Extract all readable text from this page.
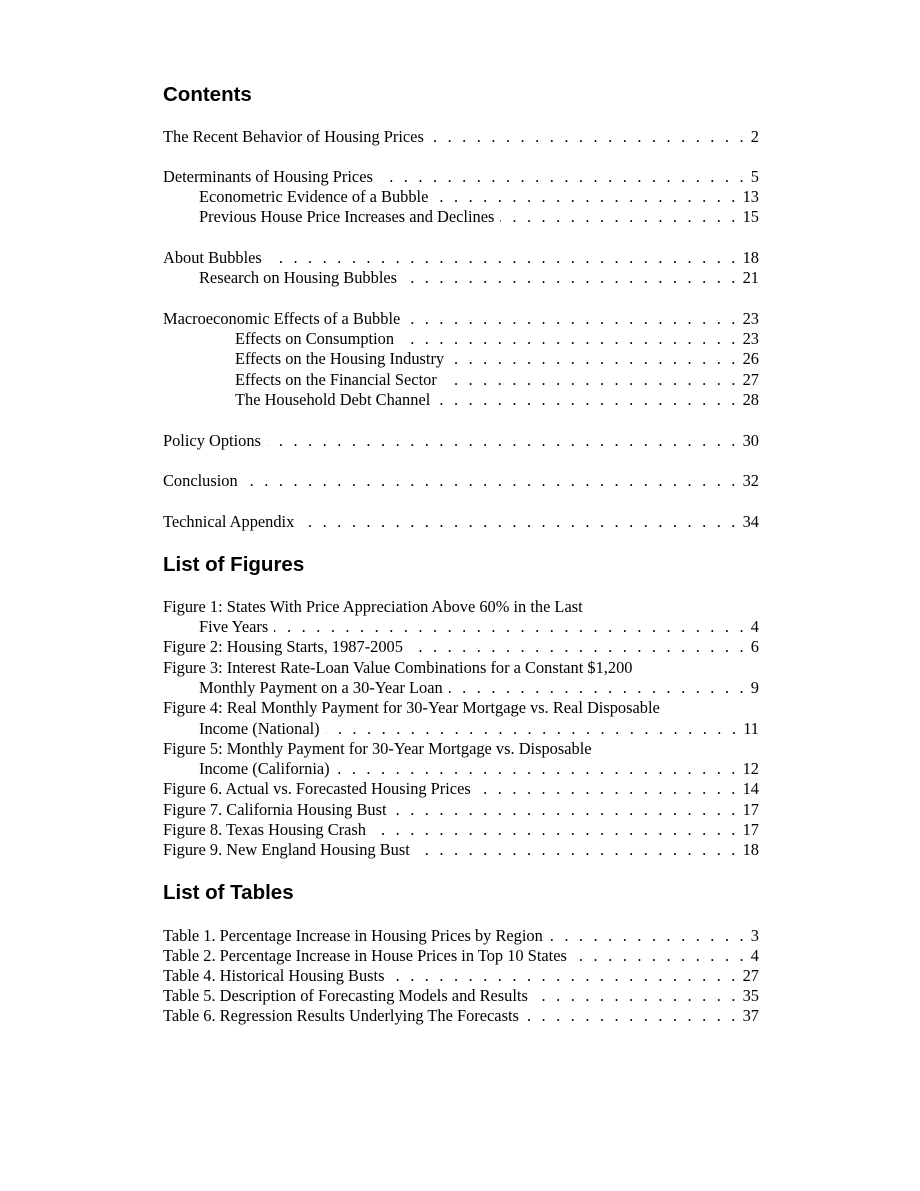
Contents
The Recent Behavior of Housing Prices . . .	2
Determinants of Housing Prices . . .	5
Econometric Evidence of a Bubble . . .	13
Previous House Price Increases and Declines . . .	15
About Bubbles . . .	18
Research on Housing Bubbles . . .	21
Macroeconomic Effects of a Bubble . . .	23
Effects on Consumption . . .	23
Effects on the Housing Industry . . .	26
Effects on the Financial Sector . . .	27
The Household Debt Channel . . .	28
Policy Options . . .	30
Conclusion . . .	32
Technical Appendix . . .	34
List of Figures
Figure 1: States With Price Appreciation Above 60% in the Last
Five Years . . .	4
Figure 2: Housing Starts, 1987-2005 . . .	6
Figure 3: Interest Rate-Loan Value Combinations for a Constant $1,200
Monthly Payment on a 30-Year Loan . . .	9
Figure 4: Real Monthly Payment for 30-Year Mortgage vs. Real Disposable
Income (National) . . .	11
Figure 5: Monthly Payment for 30-Year Mortgage vs. Disposable
Income (California) . . .	12
Figure 6. Actual vs. Forecasted Housing Prices . . .	14
Figure 7. California Housing Bust . . .	17
Figure 8. Texas Housing Crash . . .	17
Figure 9. New England Housing Bust . . .	18
List of Tables
Table 1. Percentage Increase in Housing Prices by Region . . .	3
Table 2. Percentage Increase in House Prices in Top 10 States . . .	4
Table 4. Historical Housing Busts . . .	27
Table 5. Description of Forecasting Models and Results . . .	35
Table 6. Regression Results Underlying The Forecasts . . .	37
